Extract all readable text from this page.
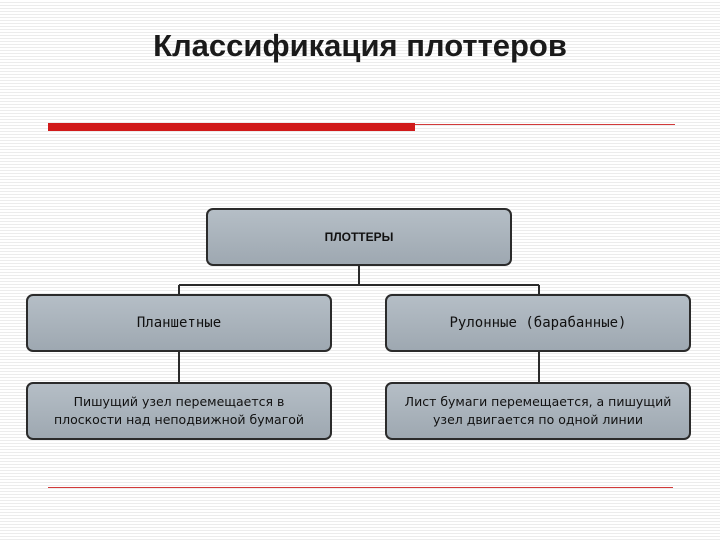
Классификация плоттеров
ПЛОТТЕРЫ
Планшетные	Рулонные (барабанные)
Пишущий узел перемещается в
плоскости над неподвижной бумагой
Лист бумаги перемещается, а пишущий
узел двигается по одной линии
